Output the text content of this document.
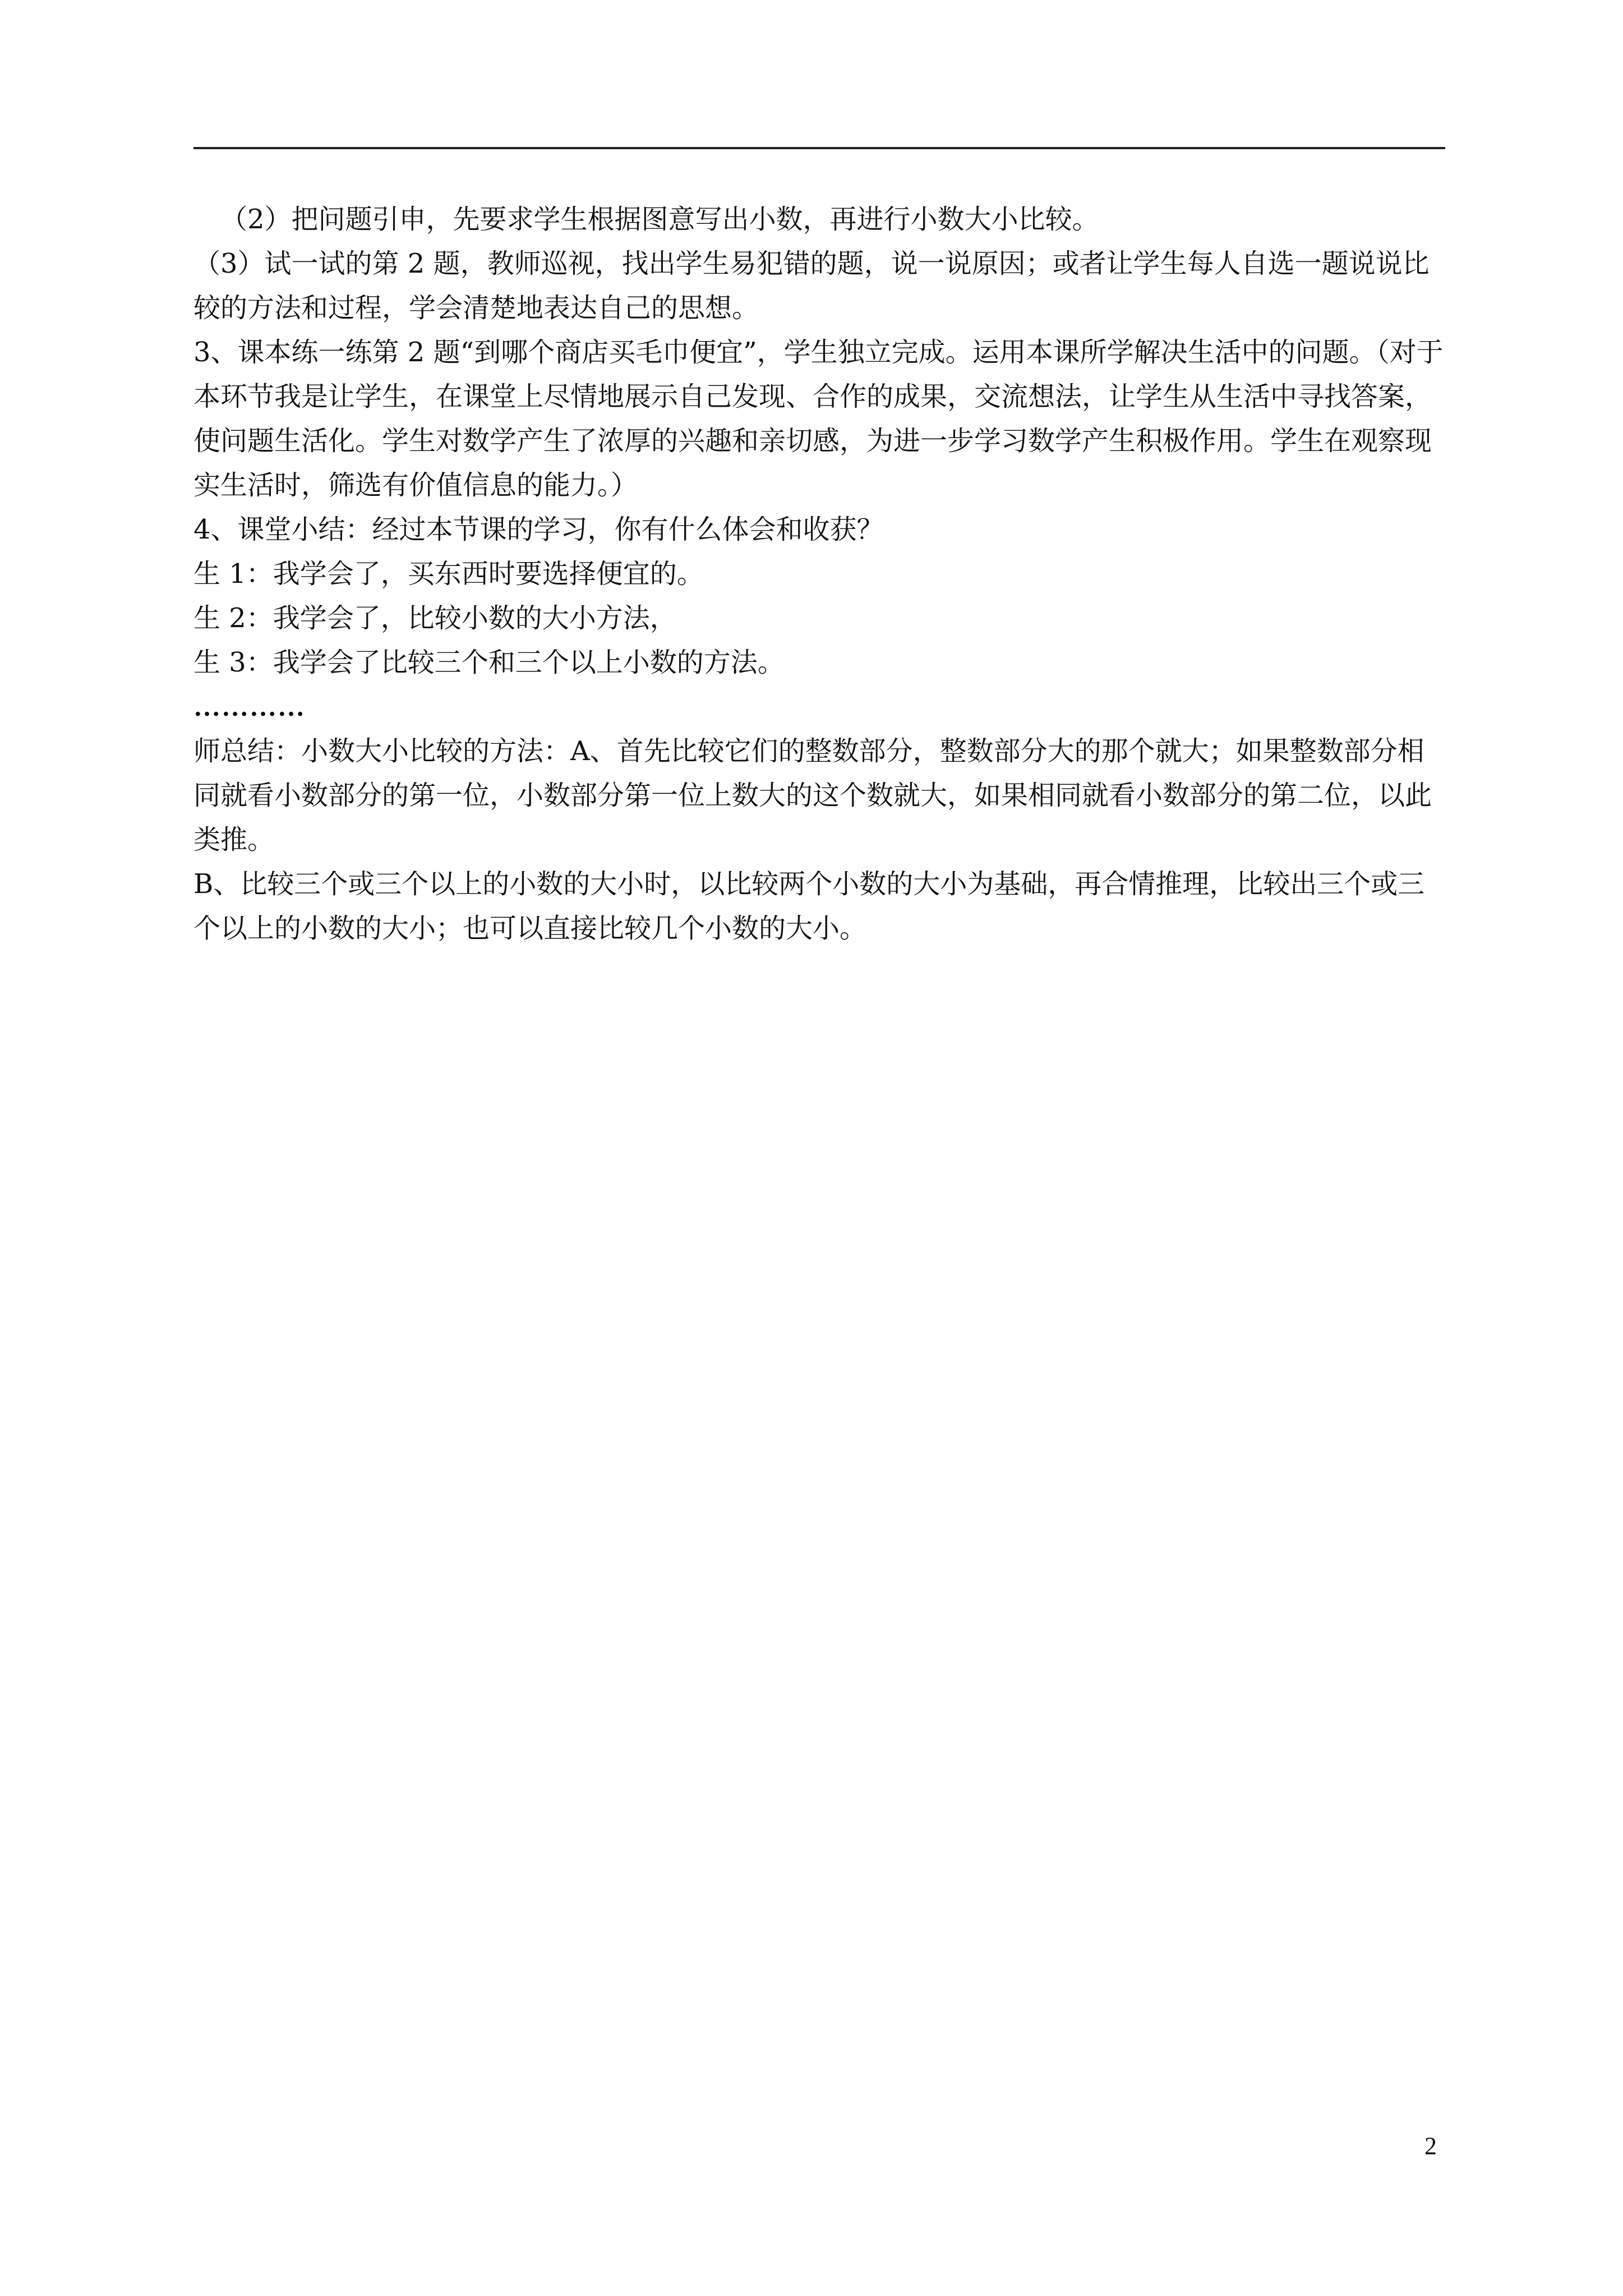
（2）把问题引申，先要求学生根据图意写出小数，再进行小数大小比较。

（3）试一试的第 2 题，教师巡视，找出学生易犯错的题，说一说原因；或者让学生每人自选一题说说比较的方法和过程，学会清楚地表达自己的思想。

3、课本练一练第 2 题“到哪个商店买毛巾便宜”，学生独立完成。运用本课所学解决生活中的问题。（对于本环节我是让学生，在课堂上尽情地展示自己发现、合作的成果，交流想法，让学生从生活中寻找答案，使问题生活化。学生对数学产生了浓厚的兴趣和亲切感，为进一步学习数学产生积极作用。学生在观察现实生活时，筛选有价值信息的能力。）

4、课堂小结：经过本节课的学习，你有什么体会和收获？

生 1：我学会了，买东西时要选择便宜的。

生 2：我学会了，比较小数的大小方法，

生 3：我学会了比较三个和三个以上小数的方法。

…………

师总结：小数大小比较的方法：A、首先比较它们的整数部分，整数部分大的那个就大；如果整数部分相同就看小数部分的第一位，小数部分第一位上数大的这个数就大，如果相同就看小数部分的第二位，以此类推。

B、比较三个或三个以上的小数的大小时，以比较两个小数的大小为基础，再合情推理，比较出三个或三个以上的小数的大小；也可以直接比较几个小数的大小。

2
